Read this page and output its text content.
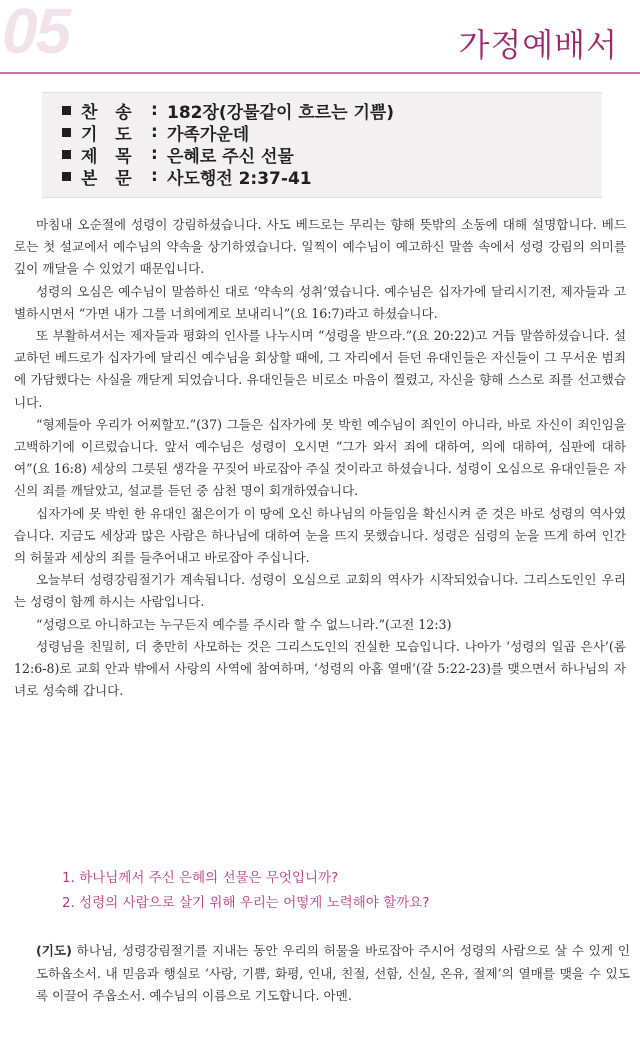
05	가정예배서
찬  송	: 182장(강물같이 흐르는 기쁨)
기  도	: 가족가운데
제  목	: 은혜로 주신 선물
본  문	: 사도행전 2:37-41

마침내 오순절에 성령이 강림하셨습니다. 사도 베드로는 무리는 향해 뜻밖의 소동에 대해 설명합니다. 베드로는 첫 설교에서 예수님의 약속을 상기하였습니다. 일찍이 예수님이 예고하신 말씀 속에서 성령 강림의 의미를 깊이 깨달을 수 있었기 때문입니다.

성령의 오심은 예수님이 말씀하신 대로 ‘약속의 성취’였습니다. 예수님은 십자가에 달리시기전, 제자들과 고별하시면서 “가면 내가 그를 너희에게로 보내리니”(요 16:7)라고 하셨습니다.

또 부활하셔서는 제자들과 평화의 인사를 나누시며 “성령을 받으라.”(요 20:22)고 거듭 말씀하셨습니다. 설교하던 베드로가 십자가에 달리신 예수님을 회상할 때에, 그 자리에서 듣던 유대인들은 자신들이 그 무서운 범죄에 가담했다는 사실을 깨닫게 되었습니다. 유대인들은 비로소 마음이 찔렸고, 자신을 향해 스스로 죄를 선고했습니다.

“형제들아 우리가 어찌할꼬.”(37) 그들은 십자가에 못 박힌 예수님이 죄인이 아니라, 바로 자신이 죄인임을 고백하기에 이르렀습니다. 앞서 예수님은 성령이 오시면 “그가 와서 죄에 대하여, 의에 대하여, 심판에 대하여”(요 16:8) 세상의 그릇된 생각을 꾸짖어 바로잡아 주실 것이라고 하셨습니다. 성령이 오심으로 유대인들은 자신의 죄를 깨달았고, 설교를 듣던 중 삼천 명이 회개하였습니다.

십자가에 못 박힌 한 유대인 젊은이가 이 땅에 오신 하나님의 아들임을 확신시켜 준 것은 바로 성령의 역사였습니다. 지금도 세상과 많은 사람은 하나님에 대하여 눈을 뜨지 못했습니다. 성령은 심령의 눈을 뜨게 하여 인간의 허물과 세상의 죄를 들추어내고 바로잡아 주십니다.

오늘부터 성령강림절기가 계속됩니다. 성령이 오심으로 교회의 역사가 시작되었습니다. 그리스도인인 우리는 성령이 함께 하시는 사람입니다.

“성령으로 아니하고는 누구든지 예수를 주시라 할 수 없느니라.”(고전 12:3)

성령님을 친밀히, 더 충만히 사모하는 것은 그리스도인의 진실한 모습입니다. 나아가 ‘성령의 일곱 은사’(롬 12:6-8)로 교회 안과 밖에서 사랑의 사역에 참여하며, ‘성령의 아홉 열매’(갈 5:22-23)를 맺으면서 하나님의 자녀로 성숙해 갑니다.

1. 하나님께서 주신 은혜의 선물은 무엇입니까?
2. 성령의 사람으로 살기 위해 우리는 어떻게 노력해야 할까요?

(기도) 하나님, 성령강림절기를 지내는 동안 우리의 허물을 바로잡아 주시어 성령의 사람으로 살 수 있게 인도하옵소서. 내 믿음과 행실로 ‘사랑, 기쁨, 화평, 인내, 친절, 선함, 신실, 온유, 절제’의 열매를 맺을 수 있도록 이끌어 주옵소서. 예수님의 이름으로 기도합니다. 아멘.
